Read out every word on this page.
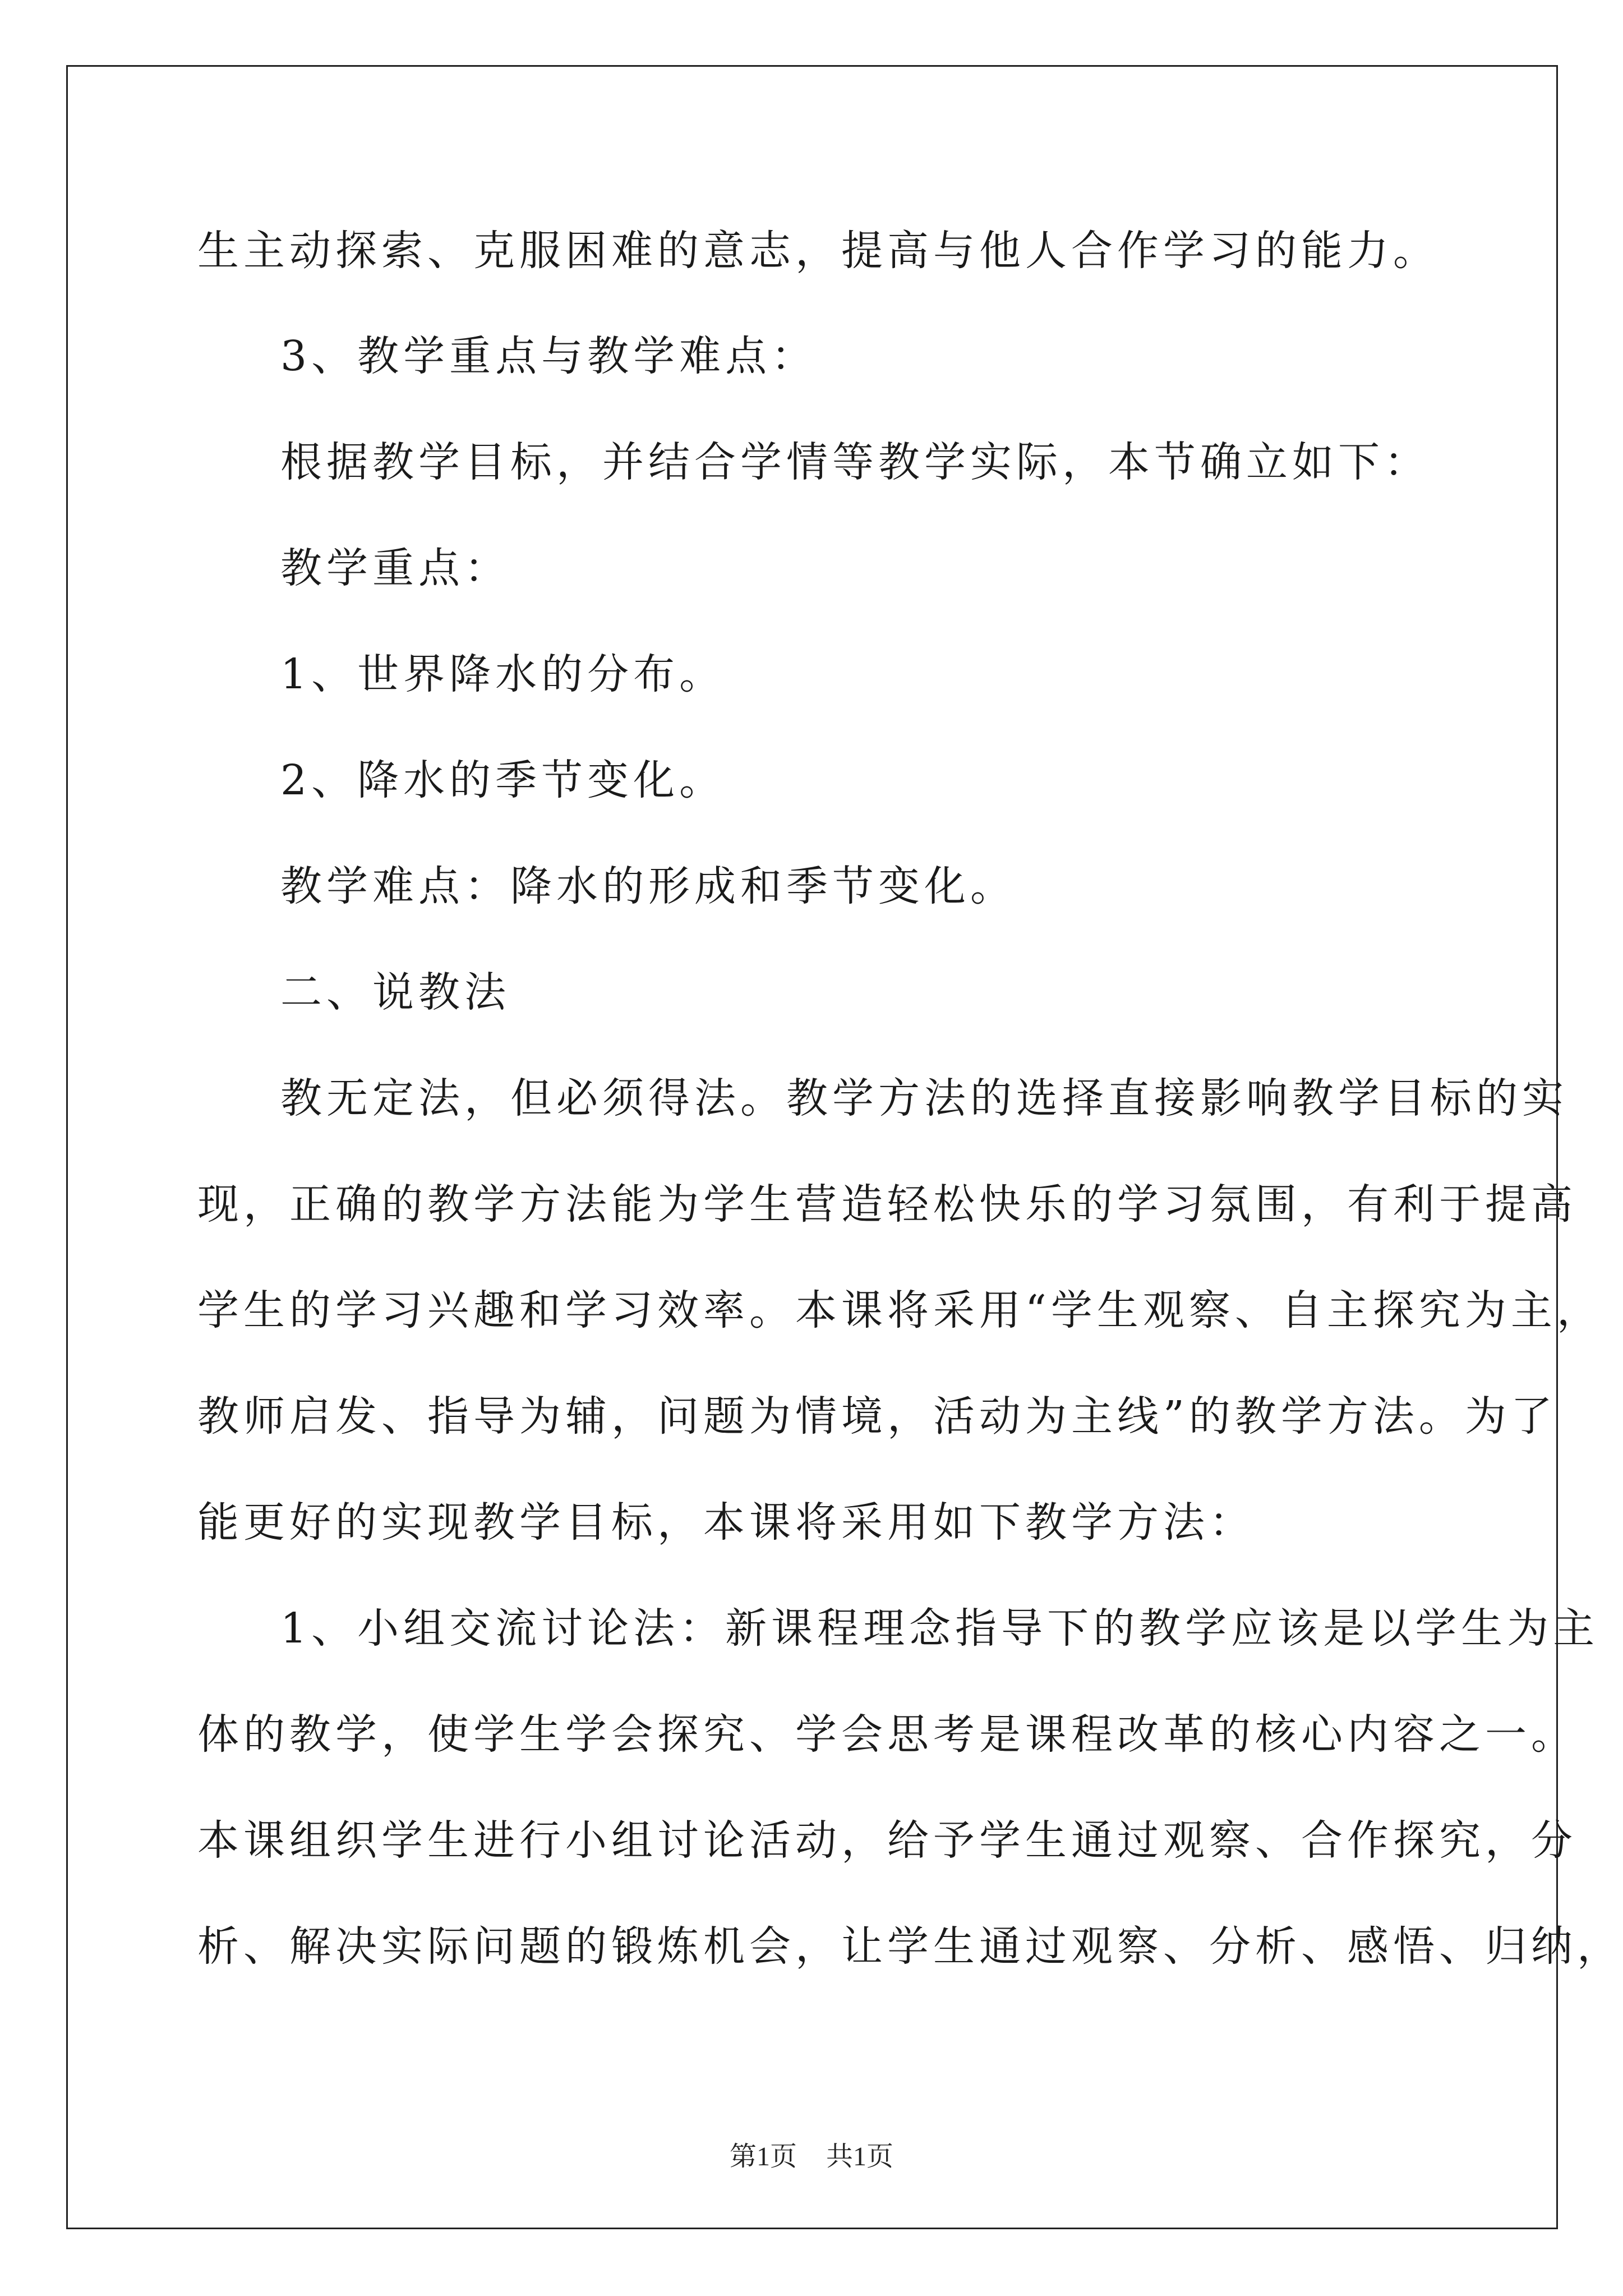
生主动探索、克服困难的意志，提高与他人合作学习的能力。
3、教学重点与教学难点：
根据教学目标，并结合学情等教学实际，本节确立如下：
教学重点：
1、世界降水的分布。
2、降水的季节变化。
教学难点：降水的形成和季节变化。
二、说教法
教无定法，但必须得法。教学方法的选择直接影响教学目标的实
现，正确的教学方法能为学生营造轻松快乐的学习氛围，有利于提高
学生的学习兴趣和学习效率。本课将采用“学生观察、自主探究为主，
教师启发、指导为辅，问题为情境，活动为主线”的教学方法。为了
能更好的实现教学目标，本课将采用如下教学方法：
1、小组交流讨论法：新课程理念指导下的教学应该是以学生为主
体的教学，使学生学会探究、学会思考是课程改革的核心内容之一。
本课组织学生进行小组讨论活动，给予学生通过观察、合作探究，分
析、解决实际问题的锻炼机会，让学生通过观察、分析、感悟、归纳，
第1页 共1页
